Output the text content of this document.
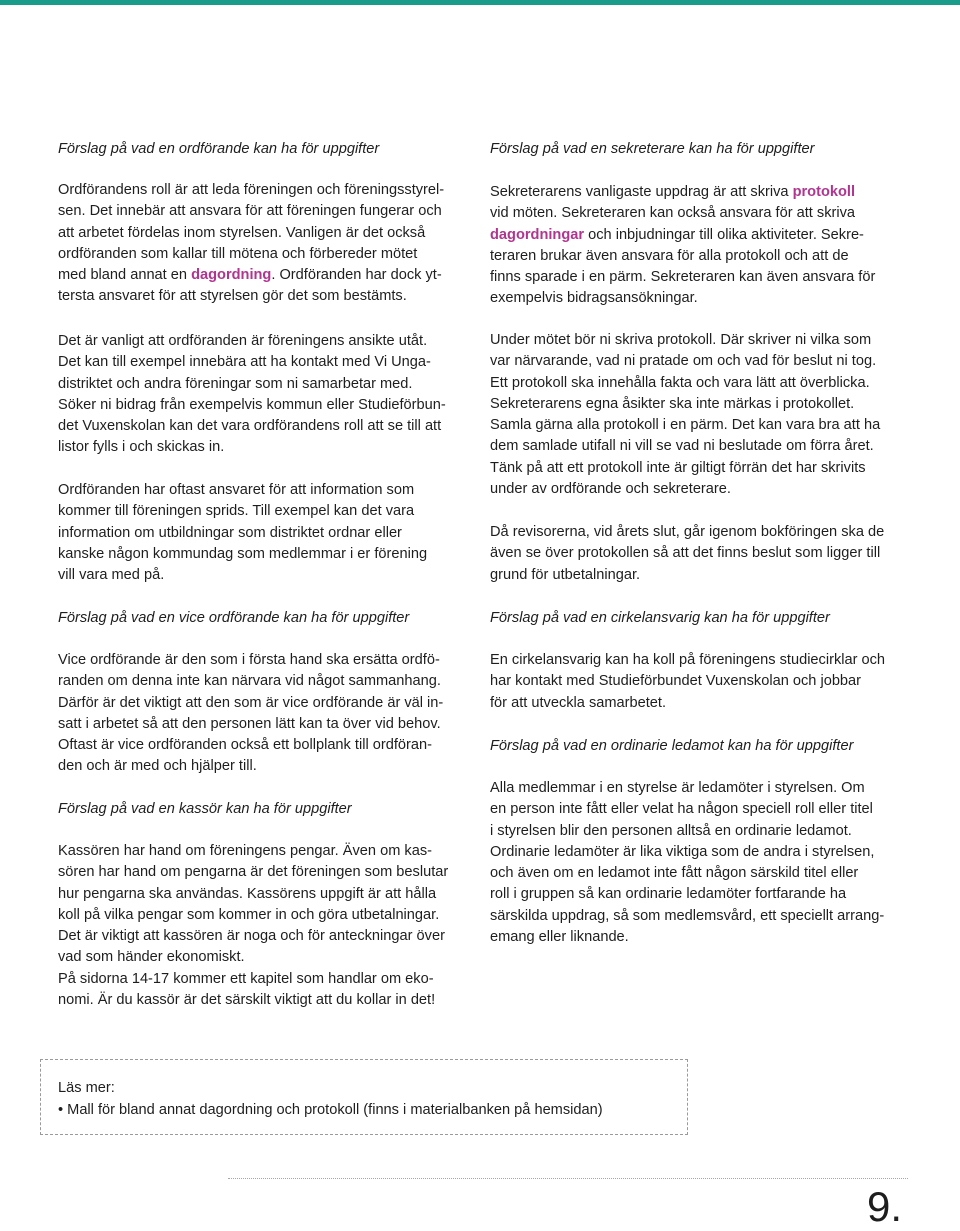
Förslag på vad en ordförande kan ha för uppgifter

Ordförandens roll är att leda föreningen och föreningsstyrel-
sen. Det innebär att ansvara för att föreningen fungerar och
att arbetet fördelas inom styrelsen. Vanligen är det också
ordföranden som kallar till mötena och förbereder mötet
med bland annat en dagordning. Ordföranden har dock yt-
tersta ansvaret för att styrelsen gör det som bestämts.
Det är vanligt att ordföranden är föreningens ansikte utåt.
Det kan till exempel innebära att ha kontakt med Vi Unga-
distriktet och andra föreningar som ni samarbetar med.
Söker ni bidrag från exempelvis kommun eller Studieförbun-
det Vuxenskolan kan det vara ordförandens roll att se till att
listor fylls i och skickas in.
Ordföranden har oftast ansvaret för att information som
kommer till föreningen sprids. Till exempel kan det vara
information om utbildningar som distriktet ordnar eller
kanske någon kommundag som medlemmar i er förening
vill vara med på.

Förslag på vad en vice ordförande kan ha för uppgifter

Vice ordförande är den som i första hand ska ersätta ordfö-
randen om denna inte kan närvara vid något sammanhang.
Därför är det viktigt att den som är vice ordförande är väl in-
satt i arbetet så att den personen lätt kan ta över vid behov.
Oftast är vice ordföranden också ett bollplank till ordföran-
den och är med och hjälper till.

Förslag på vad en kassör kan ha för uppgifter

Kassören har hand om föreningens pengar. Även om kas-
sören har hand om pengarna är det föreningen som beslutar
hur pengarna ska användas. Kassörens uppgift är att hålla
koll på vilka pengar som kommer in och göra utbetalningar.
Det är viktigt att kassören är noga och för anteckningar över
vad som händer ekonomiskt.
På sidorna 14-17 kommer ett kapitel som handlar om eko-
nomi. Är du kassör är det särskilt viktigt att du kollar in det!

Förslag på vad en sekreterare kan ha för uppgifter

Sekreterarens vanligaste uppdrag är att skriva protokoll
vid möten. Sekreteraren kan också ansvara för att skriva
dagordningar och inbjudningar till olika aktiviteter. Sekre-
teraren brukar även ansvara för alla protokoll och att de
finns sparade i en pärm. Sekreteraren kan även ansvara för
exempelvis bidragsansökningar.
Under mötet bör ni skriva protokoll. Där skriver ni vilka som
var närvarande, vad ni pratade om och vad för beslut ni tog.
Ett protokoll ska innehålla fakta och vara lätt att överblicka.
Sekreterarens egna åsikter ska inte märkas i protokollet.
Samla gärna alla protokoll i en pärm. Det kan vara bra att ha
dem samlade utifall ni vill se vad ni beslutade om förra året.
Tänk på att ett protokoll inte är giltigt förrän det har skrivits
under av ordförande och sekreterare.
Då revisorerna, vid årets slut, går igenom bokföringen ska de
även se över protokollen så att det finns beslut som ligger till
grund för utbetalningar.

Förslag på vad en cirkelansvarig kan ha för uppgifter

En cirkelansvarig kan ha koll på föreningens studiecirklar och
har kontakt med Studieförbundet Vuxenskolan och jobbar
för att utveckla samarbetet.

Förslag på vad en ordinarie ledamot kan ha för uppgifter

Alla medlemmar i en styrelse är ledamöter i styrelsen. Om
en person inte fått eller velat ha någon speciell roll eller titel
i styrelsen blir den personen alltså en ordinarie ledamot.
Ordinarie ledamöter är lika viktiga som de andra i styrelsen,
och även om en ledamot inte fått någon särskild titel eller
roll i gruppen så kan ordinarie ledamöter fortfarande ha
särskilda uppdrag, så som medlemsvård, ett speciellt arrang-
emang eller liknande.
Läs mer:
• Mall för bland annat dagordning och protokoll (finns i materialbanken på hemsidan)
9.
